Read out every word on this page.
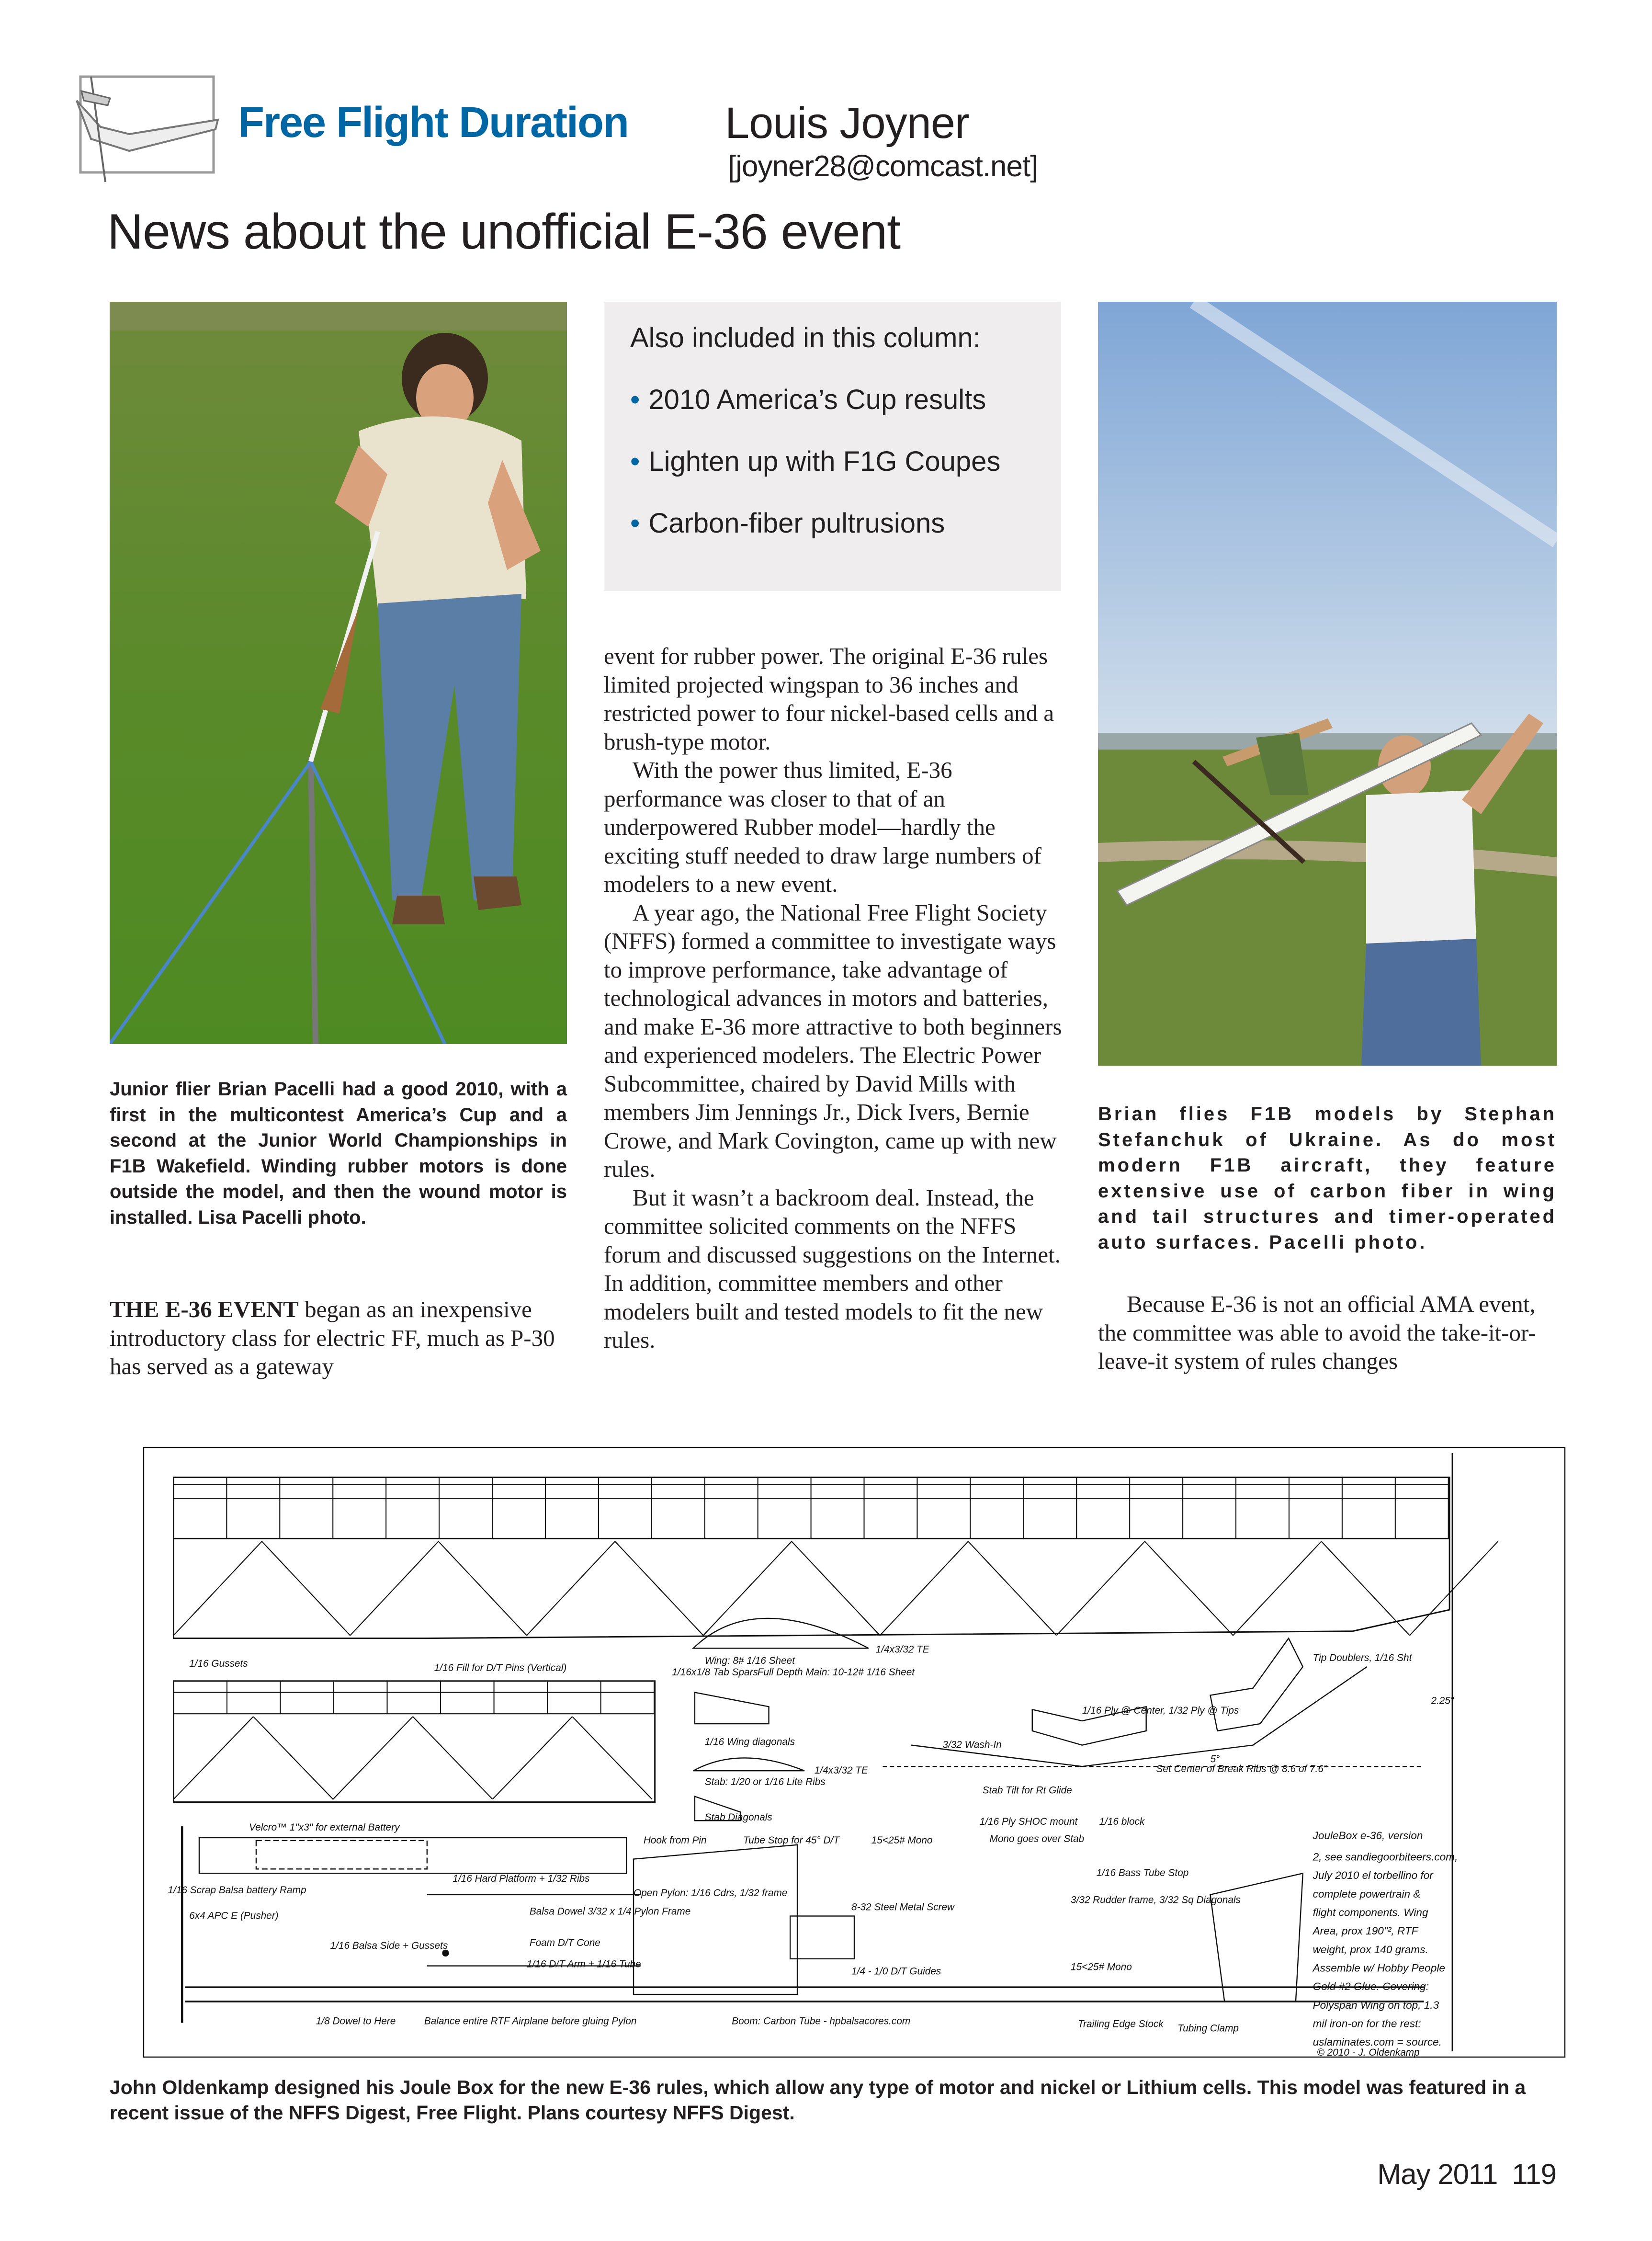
Free Flight Duration Louis Joyner
[joyner28@comcast.net]
News about the unofficial E-36 event
Also included in this column:
• 2010 America’s Cup results
• Lighten up with F1G Coupes
• Carbon-fiber pultrusions
Junior flier Brian Pacelli had a good 2010, with a first in the multicontest America’s Cup and a second at the Junior World Championships in F1B Wakefield. Winding rubber motors is done outside the model, and then the wound motor is installed. Lisa Pacelli photo.
Brian flies F1B models by Stephan Stefanchuk of Ukraine. As do most modern F1B aircraft, they feature extensive use of carbon fiber in wing and tail structures and timer-operated auto surfaces. Pacelli photo.

THE E-36 EVENT began as an inexpensive introductory class for electric FF, much as P-30 has served as a gateway

event for rubber power. The original E-36 rules limited projected wingspan to 36 inches and restricted power to four nickel-based cells and a brush-type motor.

With the power thus limited, E-36 performance was closer to that of an underpowered Rubber model—hardly the exciting stuff needed to draw large numbers of modelers to a new event.

A year ago, the National Free Flight Society (NFFS) formed a committee to investigate ways to improve performance, take advantage of technological advances in motors and batteries, and make E-36 more attractive to both beginners and experienced modelers. The Electric Power Subcommittee, chaired by David Mills with members Jim Jennings Jr., Dick Ivers, Bernie Crowe, and Mark Covington, came up with new rules.

But it wasn’t a backroom deal. Instead, the committee solicited comments on the NFFS forum and discussed suggestions on the Internet. In addition, committee members and other modelers built and tested models to fit the new rules.

Because E-36 is not an official AMA event, the committee was able to avoid the take-it-or-leave-it system of rules changes

1/16 Gussets	1/16 Fill for D/T Pins (Vertical)	1/16x1/8 Tab Spars
Full Depth Main: 10-12# 1/16 Sheet
Tip Doublers, 1/16 Sht
Wing: 8# 1/16 Sheet
1/4x3/32 TE
1/16 Wing diagonals	3/32 Wash-In
1/16 Ply @ Center, 1/32 Ply @ Tips
2.25"
Stab: 1/20 or 1/16 Lite Ribs
1/4x3/32 TE	Set Center of Break Ribs @ 8.6 of 7.6"
5°
Stab Diagonals
Stab Tilt for Rt Glide
Velcro™ 1"x3" for external Battery
Hook from Pin	Tube Stop for 45° D/T	15<25# Mono
1/16 Ply SHOC mount	1/16 block
Mono goes over Stab
1/16 Scrap Balsa battery Ramp
1/16 Hard Platform + 1/32 Ribs
Open Pylon: 1/16 Cdrs, 1/32 frame
1/16 Bass Tube Stop
3/32 Rudder frame, 3/32 Sq Diagonals
6x4 APC E (Pusher)	Balsa Dowel 3/32 x 1/4 Pylon Frame	8-32 Steel Metal Screw
1/4 - 1/0 D/T Guides
1/16 Balsa Side + Gussets	Foam D/T Cone
1/16 D/T Arm + 1/16 Tube	15<25# Mono
1/8 Dowel to Here	Balance entire RTF Airplane before gluing Pylon	Boom: Carbon Tube - hpbalsacores.com	Trailing Edge Stock	Tubing Clamp
JouleBox e-36, version
2, see sandiegoorbiteers.com,
July 2010 el torbellino for
complete powertrain &
flight components. Wing
Area, prox 190"², RTF
weight, prox 140 grams.
Assemble w/ Hobby People
Gold #2 Glue. Covering:
Polyspan Wing on top, 1.3
mil iron-on for the rest:
uslaminates.com = source.
© 2010 - J. Oldenkamp
John Oldenkamp designed his Joule Box for the new E-36 rules, which allow any type of motor and nickel or Lithium cells. This model was featured in a recent issue of the NFFS Digest, Free Flight. Plans courtesy NFFS Digest.
May 2011 119
